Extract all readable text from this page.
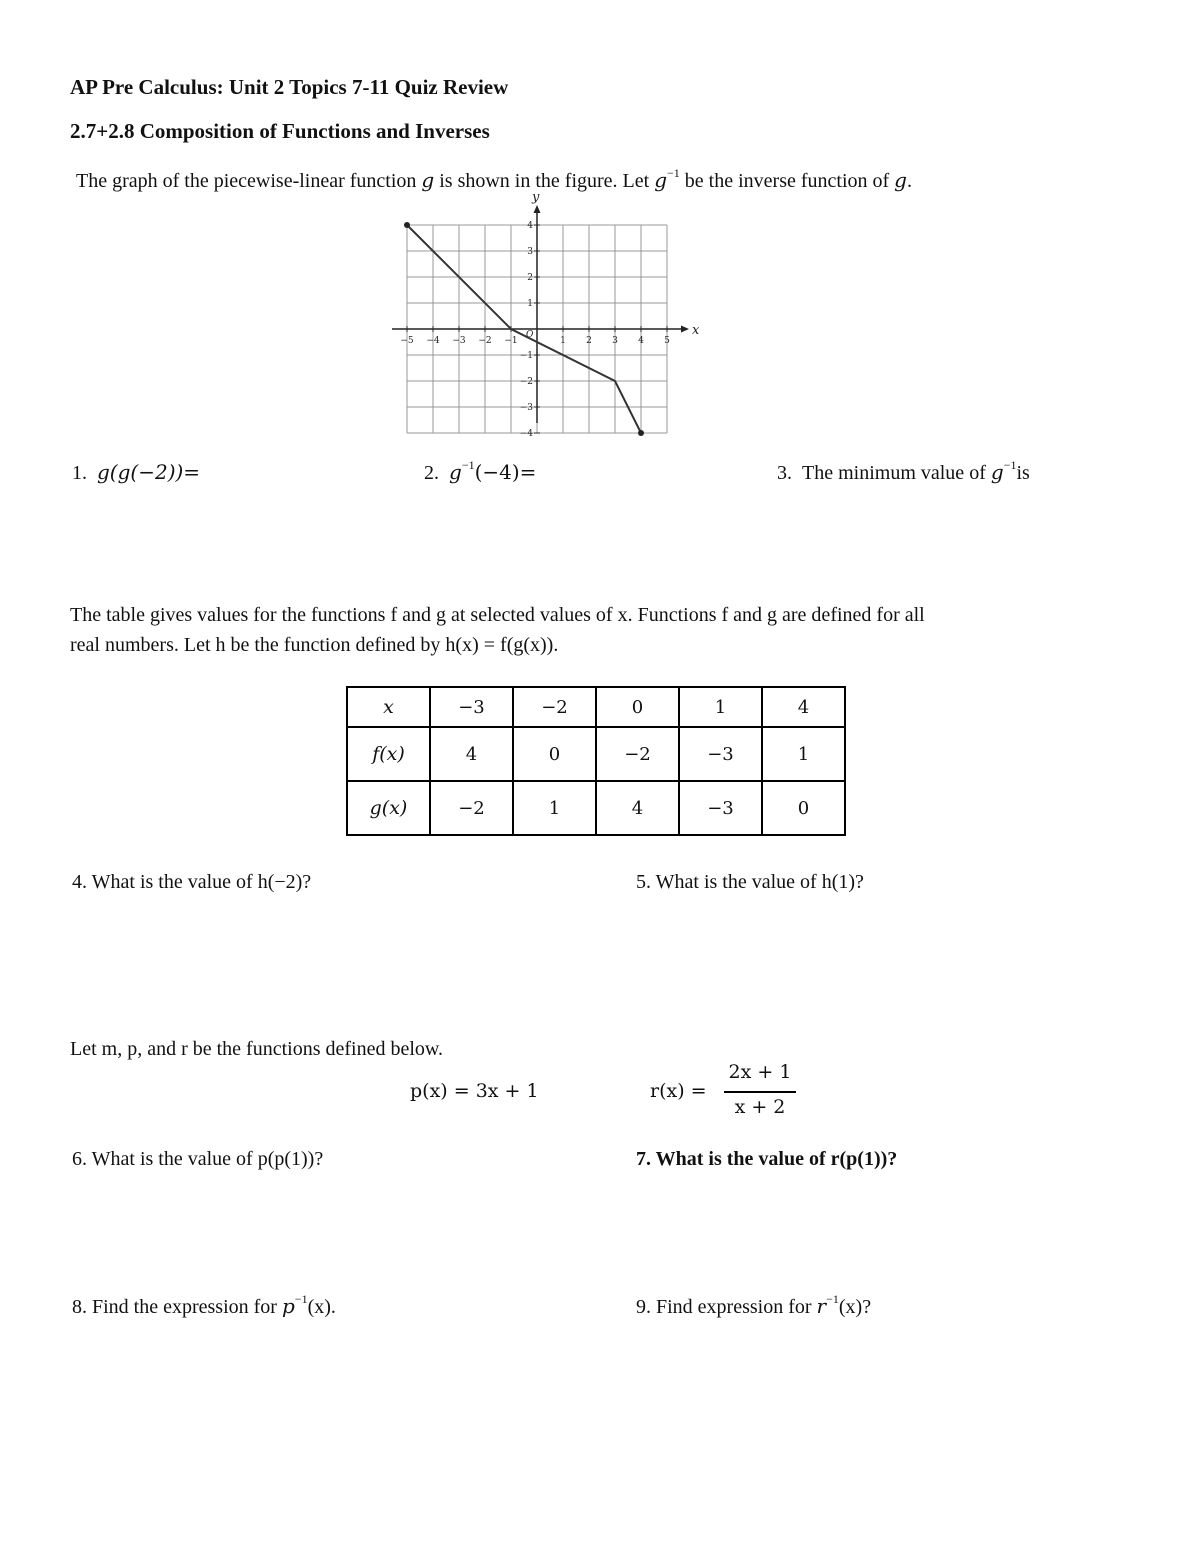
AP Pre Calculus: Unit 2 Topics 7-11 Quiz Review
2.7+2.8 Composition of Functions and Inverses
The graph of the piecewise-linear function g is shown in the figure. Let $g^{-1}$ be the inverse function of g.
x
y
O
−5 −4 −3 −2 −1	1 2 3 4 5
4
3
2
1
−1
−2
−3
−4
1. g(g(−2))=	2. $g^{-1}(-4)=$	3. The minimum value of $g^{-1}is$
The table gives values for the functions f and g at selected values of x. Functions f and g are defined for all
real numbers. Let h be the function defined by h(x) = f(g(x)).
x	−3	−2	0	1	4
f(x)	4	0	−2	−3	1
g(x)	−2	1	4	−3	0
4. What is the value of h(−2)?	5. What is the value of h(1)?
Let m, p, and r be the functions defined below.
p(x) = 3x + 1	r(x) =
2x + 1
x + 2
6. What is the value of p(p(1))?	7. What is the value of r(p(1))?
8. Find the expression for $p^{-1}(x)$.	9. Find expression for $r^{-1}(x)$?
